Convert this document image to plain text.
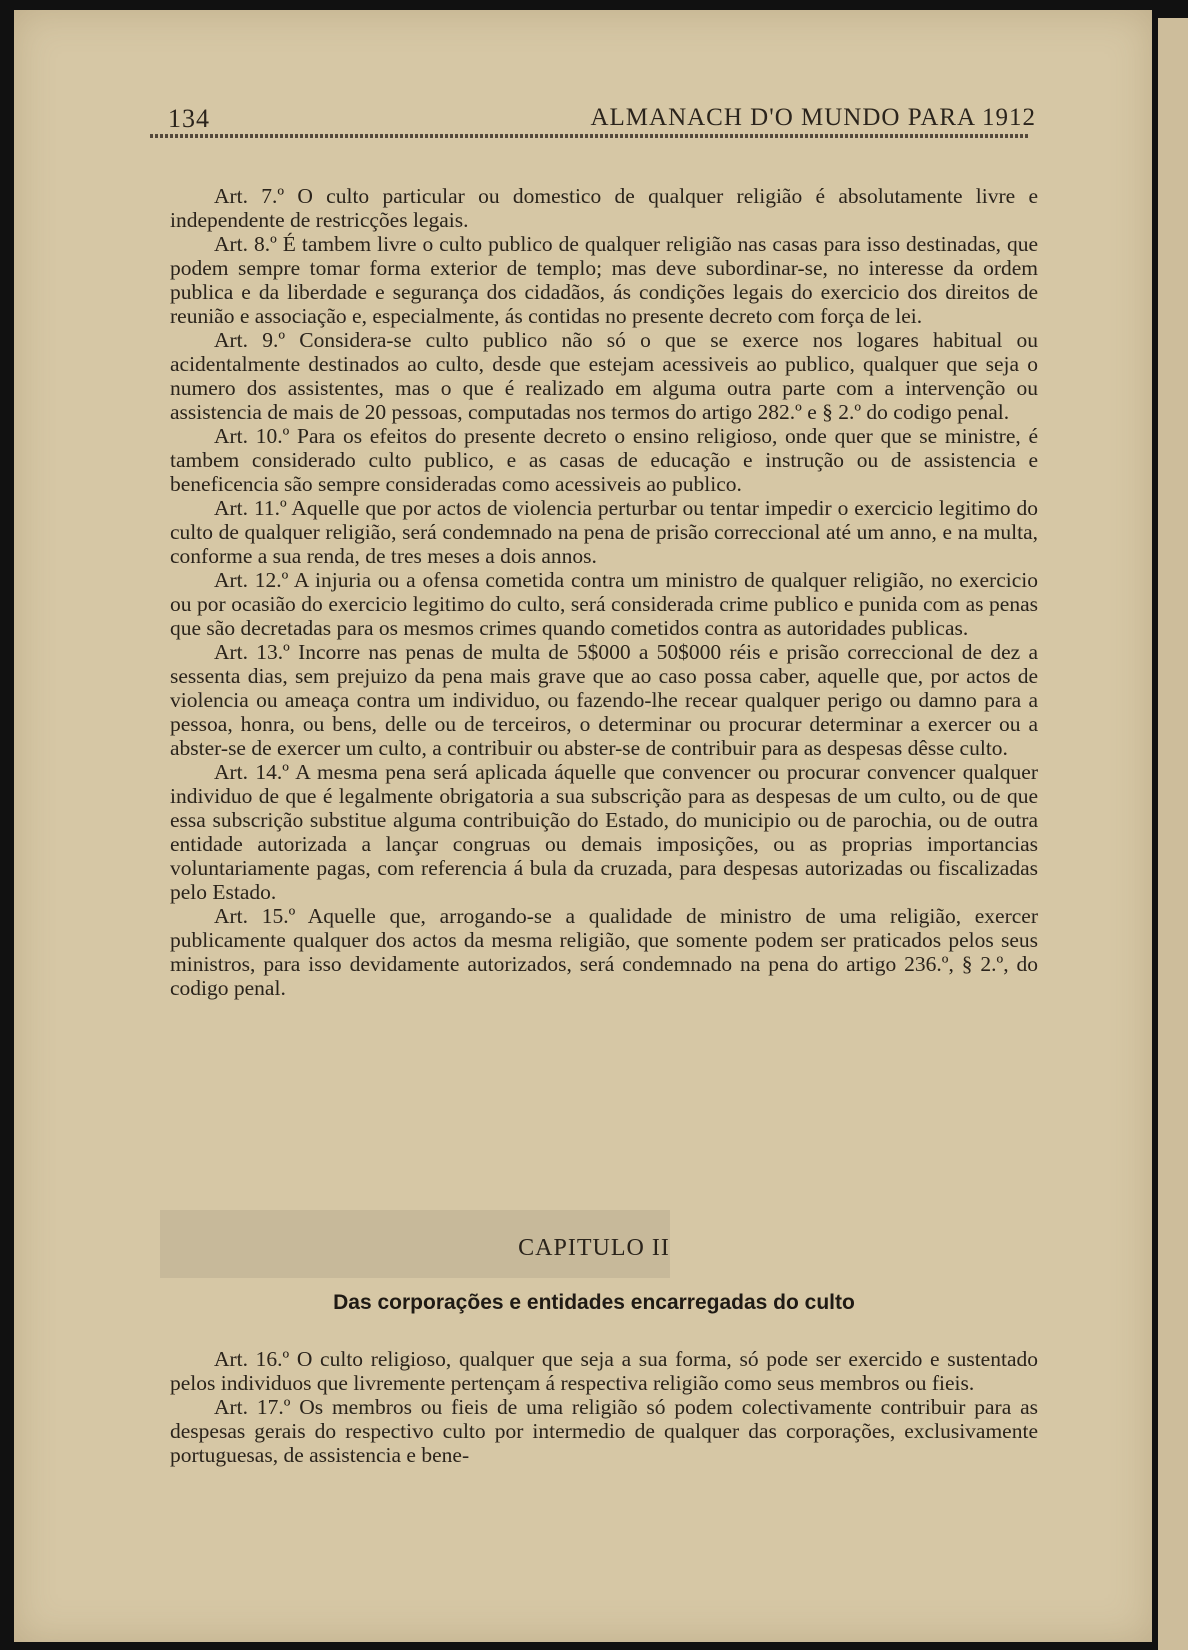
134	ALMANACH D'O MUNDO PARA 1912

Art. 7.º O culto particular ou domestico de qualquer religião é absolutamente livre e independente de restricções legais.

Art. 8.º É tambem livre o culto publico de qualquer religião nas casas para isso destinadas, que podem sempre tomar forma exterior de templo; mas deve subordinar-se, no interesse da ordem publica e da liberdade e segurança dos cidadãos, ás condições legais do exercicio dos direitos de reunião e associação e, especialmente, ás contidas no presente decreto com força de lei.

Art. 9.º Considera-se culto publico não só o que se exerce nos logares habitual ou acidentalmente destinados ao culto, desde que estejam acessiveis ao publico, qualquer que seja o numero dos assistentes, mas o que é realizado em alguma outra parte com a intervenção ou assistencia de mais de 20 pessoas, computadas nos termos do artigo 282.º e § 2.º do codigo penal.

Art. 10.º Para os efeitos do presente decreto o ensino religioso, onde quer que se ministre, é tambem considerado culto publico, e as casas de educação e instrução ou de assistencia e beneficencia são sempre consideradas como acessiveis ao publico.

Art. 11.º Aquelle que por actos de violencia perturbar ou tentar impedir o exercicio legitimo do culto de qualquer religião, será condemnado na pena de prisão correccional até um anno, e na multa, conforme a sua renda, de tres meses a dois annos.

Art. 12.º A injuria ou a ofensa cometida contra um ministro de qualquer religião, no exercicio ou por ocasião do exercicio legitimo do culto, será considerada crime publico e punida com as penas que são decretadas para os mesmos crimes quando cometidos contra as autoridades publicas.

Art. 13.º Incorre nas penas de multa de 5$000 a 50$000 réis e prisão correccional de dez a sessenta dias, sem prejuizo da pena mais grave que ao caso possa caber, aquelle que, por actos de violencia ou ameaça contra um individuo, ou fazendo-lhe recear qualquer perigo ou damno para a pessoa, honra, ou bens, delle ou de terceiros, o determinar ou procurar determinar a exercer ou a abster-se de exercer um culto, a contribuir ou abster-se de contribuir para as despesas dêsse culto.

Art. 14.º A mesma pena será aplicada áquelle que convencer ou procurar convencer qualquer individuo de que é legalmente obrigatoria a sua subscrição para as despesas de um culto, ou de que essa subscrição substitue alguma contribuição do Estado, do municipio ou de parochia, ou de outra entidade autorizada a lançar congruas ou demais imposições, ou as proprias importancias voluntariamente pagas, com referencia á bula da cruzada, para despesas autorizadas ou fiscalizadas pelo Estado.

Art. 15.º Aquelle que, arrogando-se a qualidade de ministro de uma religião, exercer publicamente qualquer dos actos da mesma religião, que somente podem ser praticados pelos seus ministros, para isso devidamente autorizados, será condemnado na pena do artigo 236.º, § 2.º, do codigo penal.

CAPITULO II
Das corporações e entidades encarregadas do culto

Art. 16.º O culto religioso, qualquer que seja a sua forma, só pode ser exercido e sustentado pelos individuos que livremente pertençam á respectiva religião como seus membros ou fieis.

Art. 17.º Os membros ou fieis de uma religião só podem colectivamente contribuir para as despesas gerais do respectivo culto por intermedio de qualquer das corporações, exclusivamente portuguesas, de assistencia e bene-
